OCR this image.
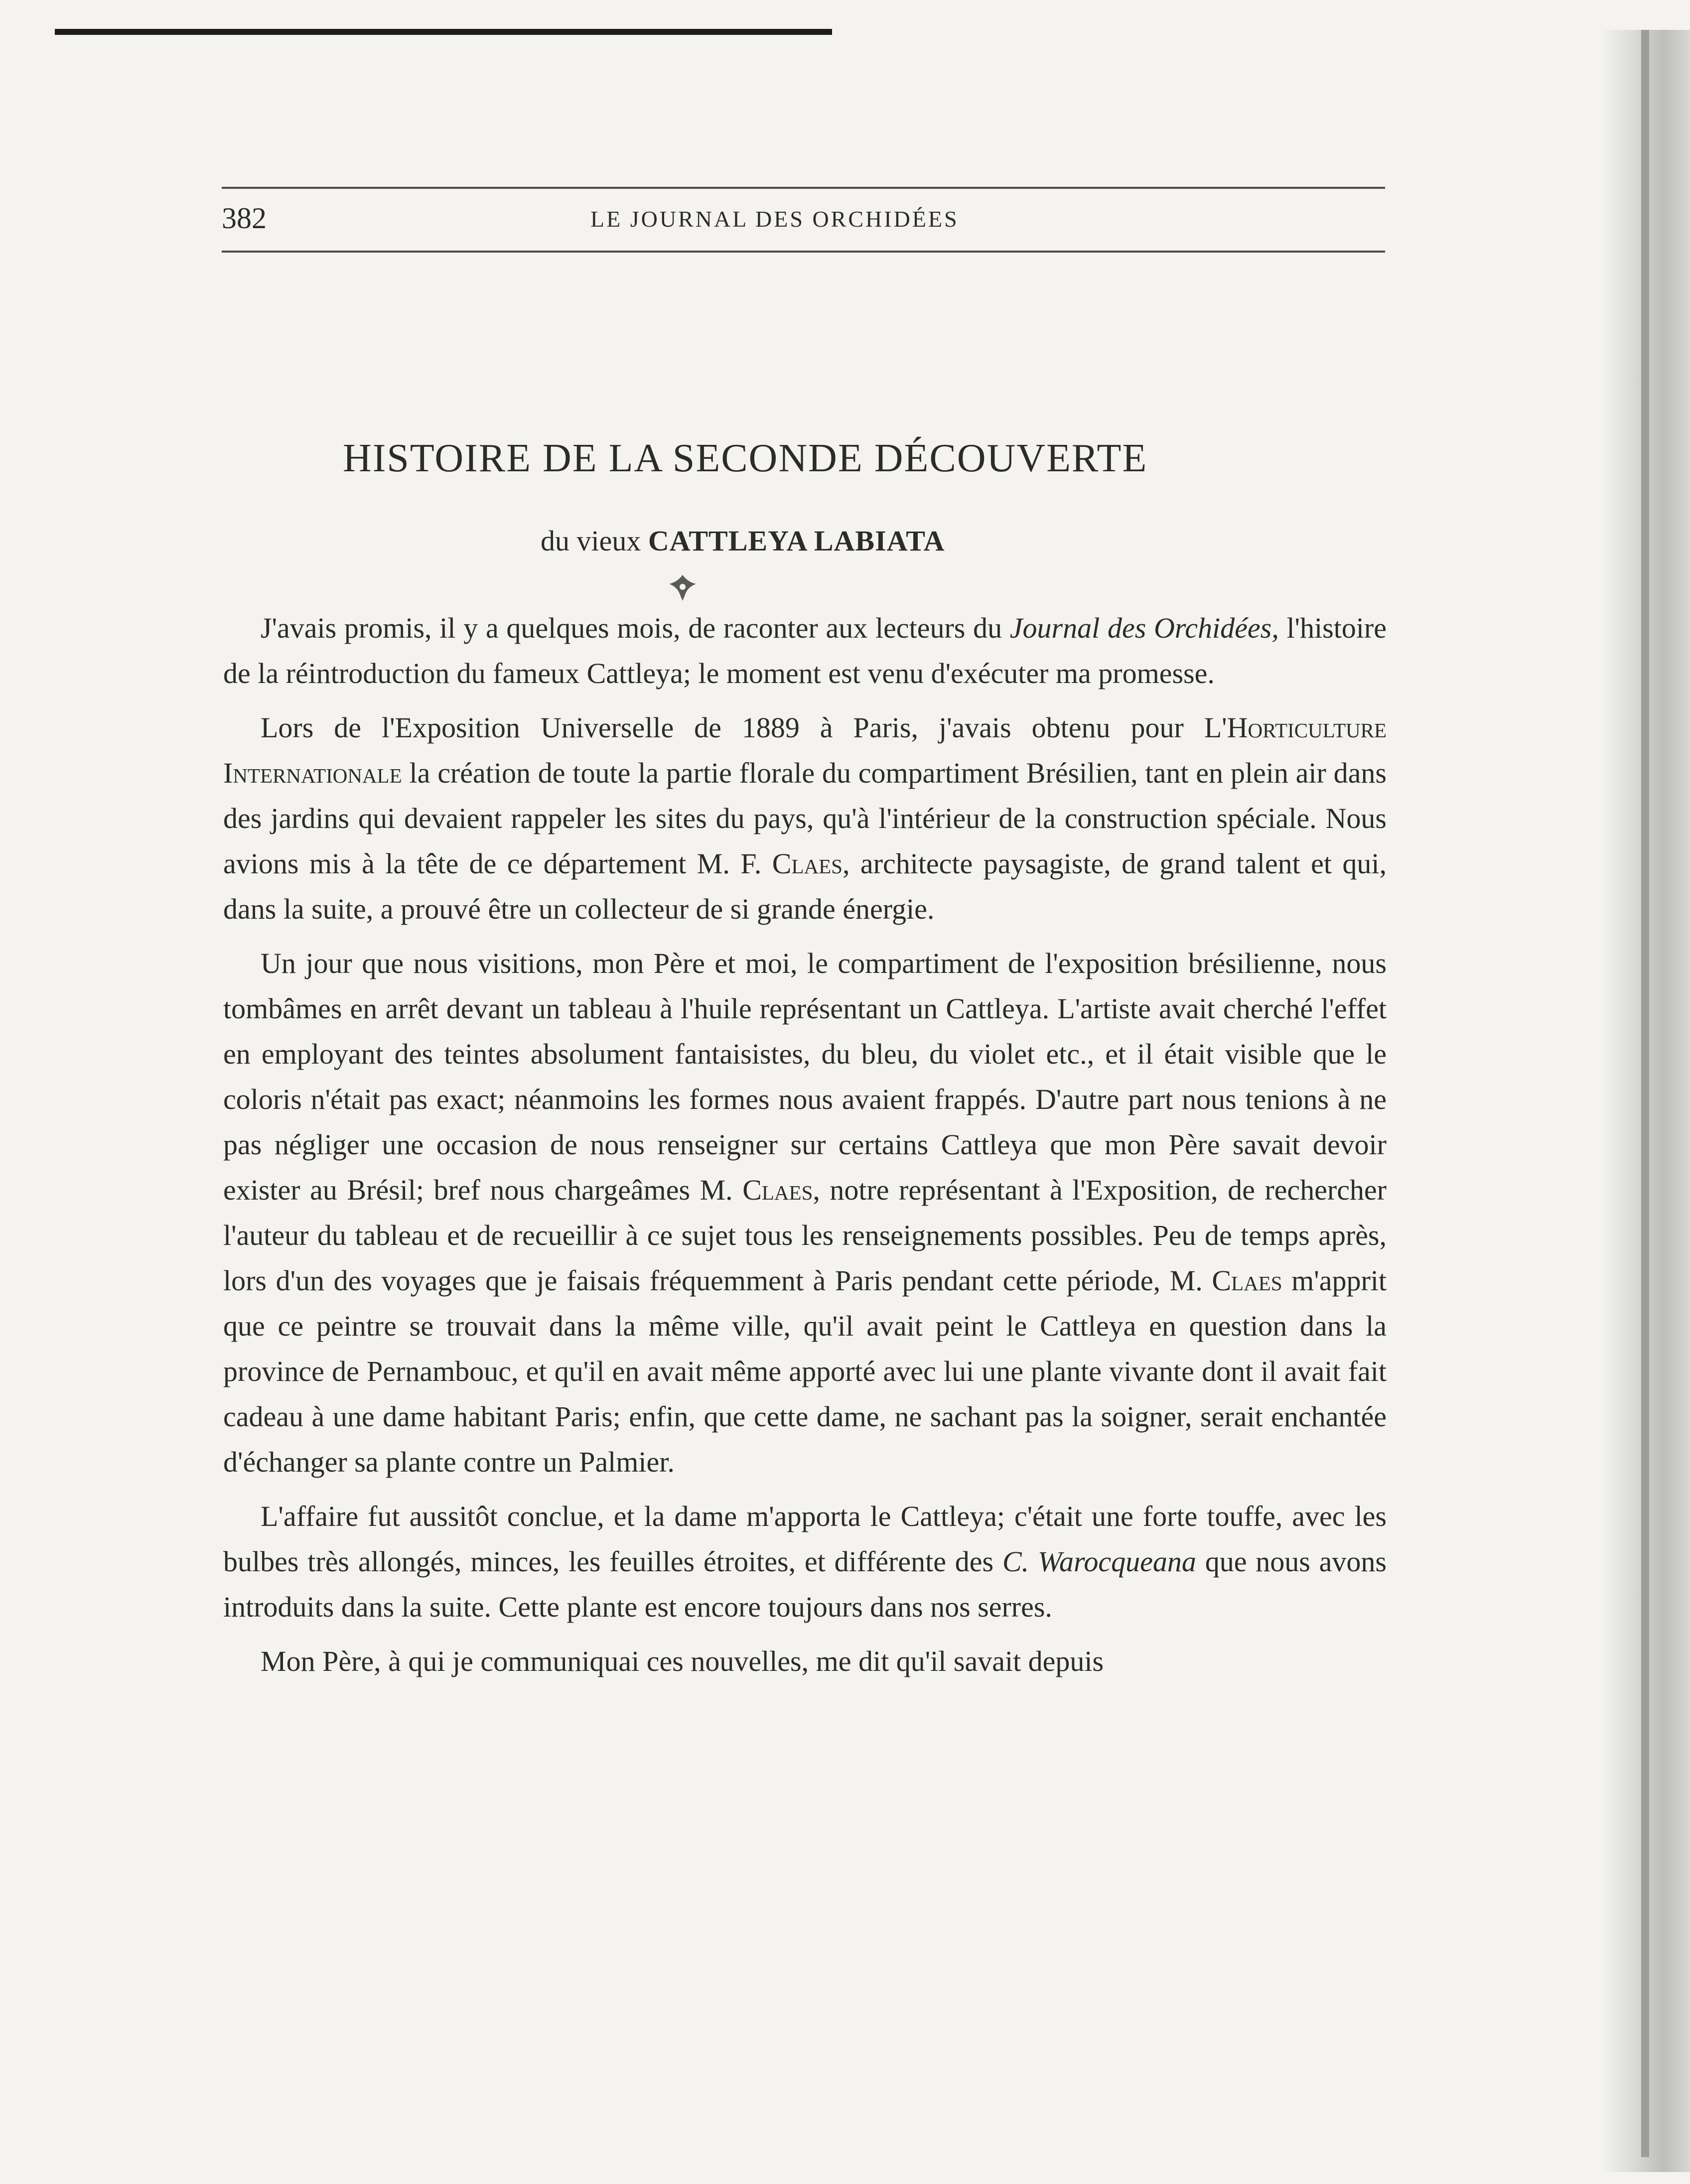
382	LE JOURNAL DES ORCHIDÉES

HISTOIRE DE LA SECONDE DÉCOUVERTE

du vieux CATTLEYA LABIATA

J'avais promis, il y a quelques mois, de raconter aux lecteurs du Journal des Orchidées, l'histoire de la réintroduction du fameux Cattleya; le moment est venu d'exécuter ma promesse.

Lors de l'Exposition Universelle de 1889 à Paris, j'avais obtenu pour L'Horticulture Internationale la création de toute la partie florale du compartiment Brésilien, tant en plein air dans des jardins qui devaient rappeler les sites du pays, qu'à l'intérieur de la construction spéciale. Nous avions mis à la tête de ce département M. F. Claes, architecte paysagiste, de grand talent et qui, dans la suite, a prouvé être un collecteur de si grande énergie.

Un jour que nous visitions, mon Père et moi, le compartiment de l'exposition brésilienne, nous tombâmes en arrêt devant un tableau à l'huile représentant un Cattleya. L'artiste avait cherché l'effet en employant des teintes absolument fantaisistes, du bleu, du violet etc., et il était visible que le coloris n'était pas exact; néanmoins les formes nous avaient frappés. D'autre part nous tenions à ne pas négliger une occasion de nous renseigner sur certains Cattleya que mon Père savait devoir exister au Brésil; bref nous chargeâmes M. Claes, notre représentant à l'Exposition, de rechercher l'auteur du tableau et de recueillir à ce sujet tous les renseignements possibles. Peu de temps après, lors d'un des voyages que je faisais fréquemment à Paris pendant cette période, M. Claes m'apprit que ce peintre se trouvait dans la même ville, qu'il avait peint le Cattleya en question dans la province de Pernambouc, et qu'il en avait même apporté avec lui une plante vivante dont il avait fait cadeau à une dame habitant Paris; enfin, que cette dame, ne sachant pas la soigner, serait enchantée d'échanger sa plante contre un Palmier.

L'affaire fut aussitôt conclue, et la dame m'apporta le Cattleya; c'était une forte touffe, avec les bulbes très allongés, minces, les feuilles étroites, et différente des C. Warocqueana que nous avons introduits dans la suite. Cette plante est encore toujours dans nos serres.

Mon Père, à qui je communiquai ces nouvelles, me dit qu'il savait depuis
